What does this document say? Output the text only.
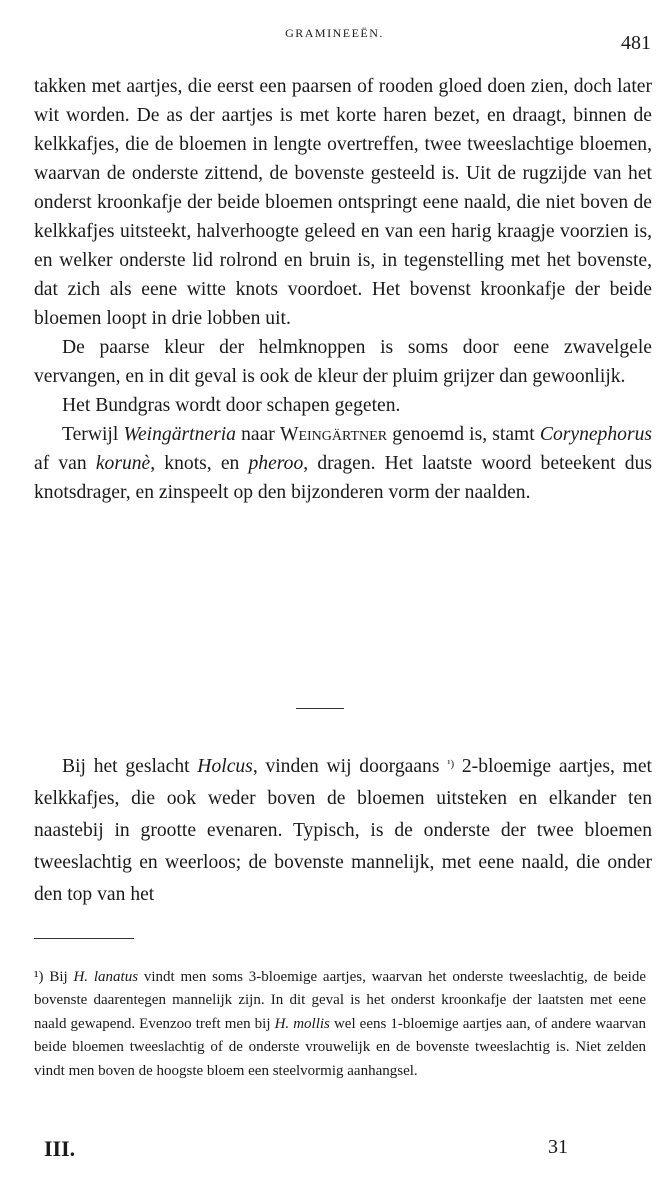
GRAMINEEËN.	481

takken met aartjes, die eerst een paarsen of rooden gloed doen zien, doch later wit worden. De as der aartjes is met korte haren bezet, en draagt, binnen de kelkkafjes, die de bloemen in lengte overtreffen, twee tweeslachtige bloemen, waarvan de onderste zittend, de bovenste gesteeld is. Uit de rugzijde van het onderst kroonkafje der beide bloemen ontspringt eene naald, die niet boven de kelkkafjes uitsteekt, halverhoogte geleed en van een harig kraagje voorzien is, en welker onderste lid rolrond en bruin is, in tegenstelling met het bovenste, dat zich als eene witte knots voordoet. Het bovenst kroonkafje der beide bloemen loopt in drie lobben uit.

De paarse kleur der helmknoppen is soms door eene zwavelgele vervangen, en in dit geval is ook de kleur der pluim grijzer dan gewoonlijk.

Het Bundgras wordt door schapen gegeten.

Terwijl Weingärtneria naar Weingärtner genoemd is, stamt Corynephorus af van korunè, knots, en pheroo, dragen. Het laatste woord beteekent dus knotsdrager, en zinspeelt op den bijzonderen vorm der naalden.

Bij het geslacht Holcus, vinden wij doorgaans $^{^1)}$ 2-bloemige aartjes, met kelkkafjes, die ook weder boven de bloemen uitsteken en elkander ten naastebij in grootte evenaren. Typisch, is de onderste der twee bloemen tweeslachtig en weerloos; de bovenste mannelijk, met eene naald, die onder den top van het

¹) Bij H. lanatus vindt men soms 3-bloemige aartjes, waarvan het onderste tweeslachtig, de beide bovenste daarentegen mannelijk zijn. In dit geval is het onderst kroonkafje der laatsten met eene naald gewapend. Evenzoo treft men bij H. mollis wel eens 1-bloemige aartjes aan, of andere waarvan beide bloemen tweeslachtig of de onderste vrouwelijk en de bovenste tweeslachtig is. Niet zelden vindt men boven de hoogste bloem een steelvormig aanhangsel.

III.	31
